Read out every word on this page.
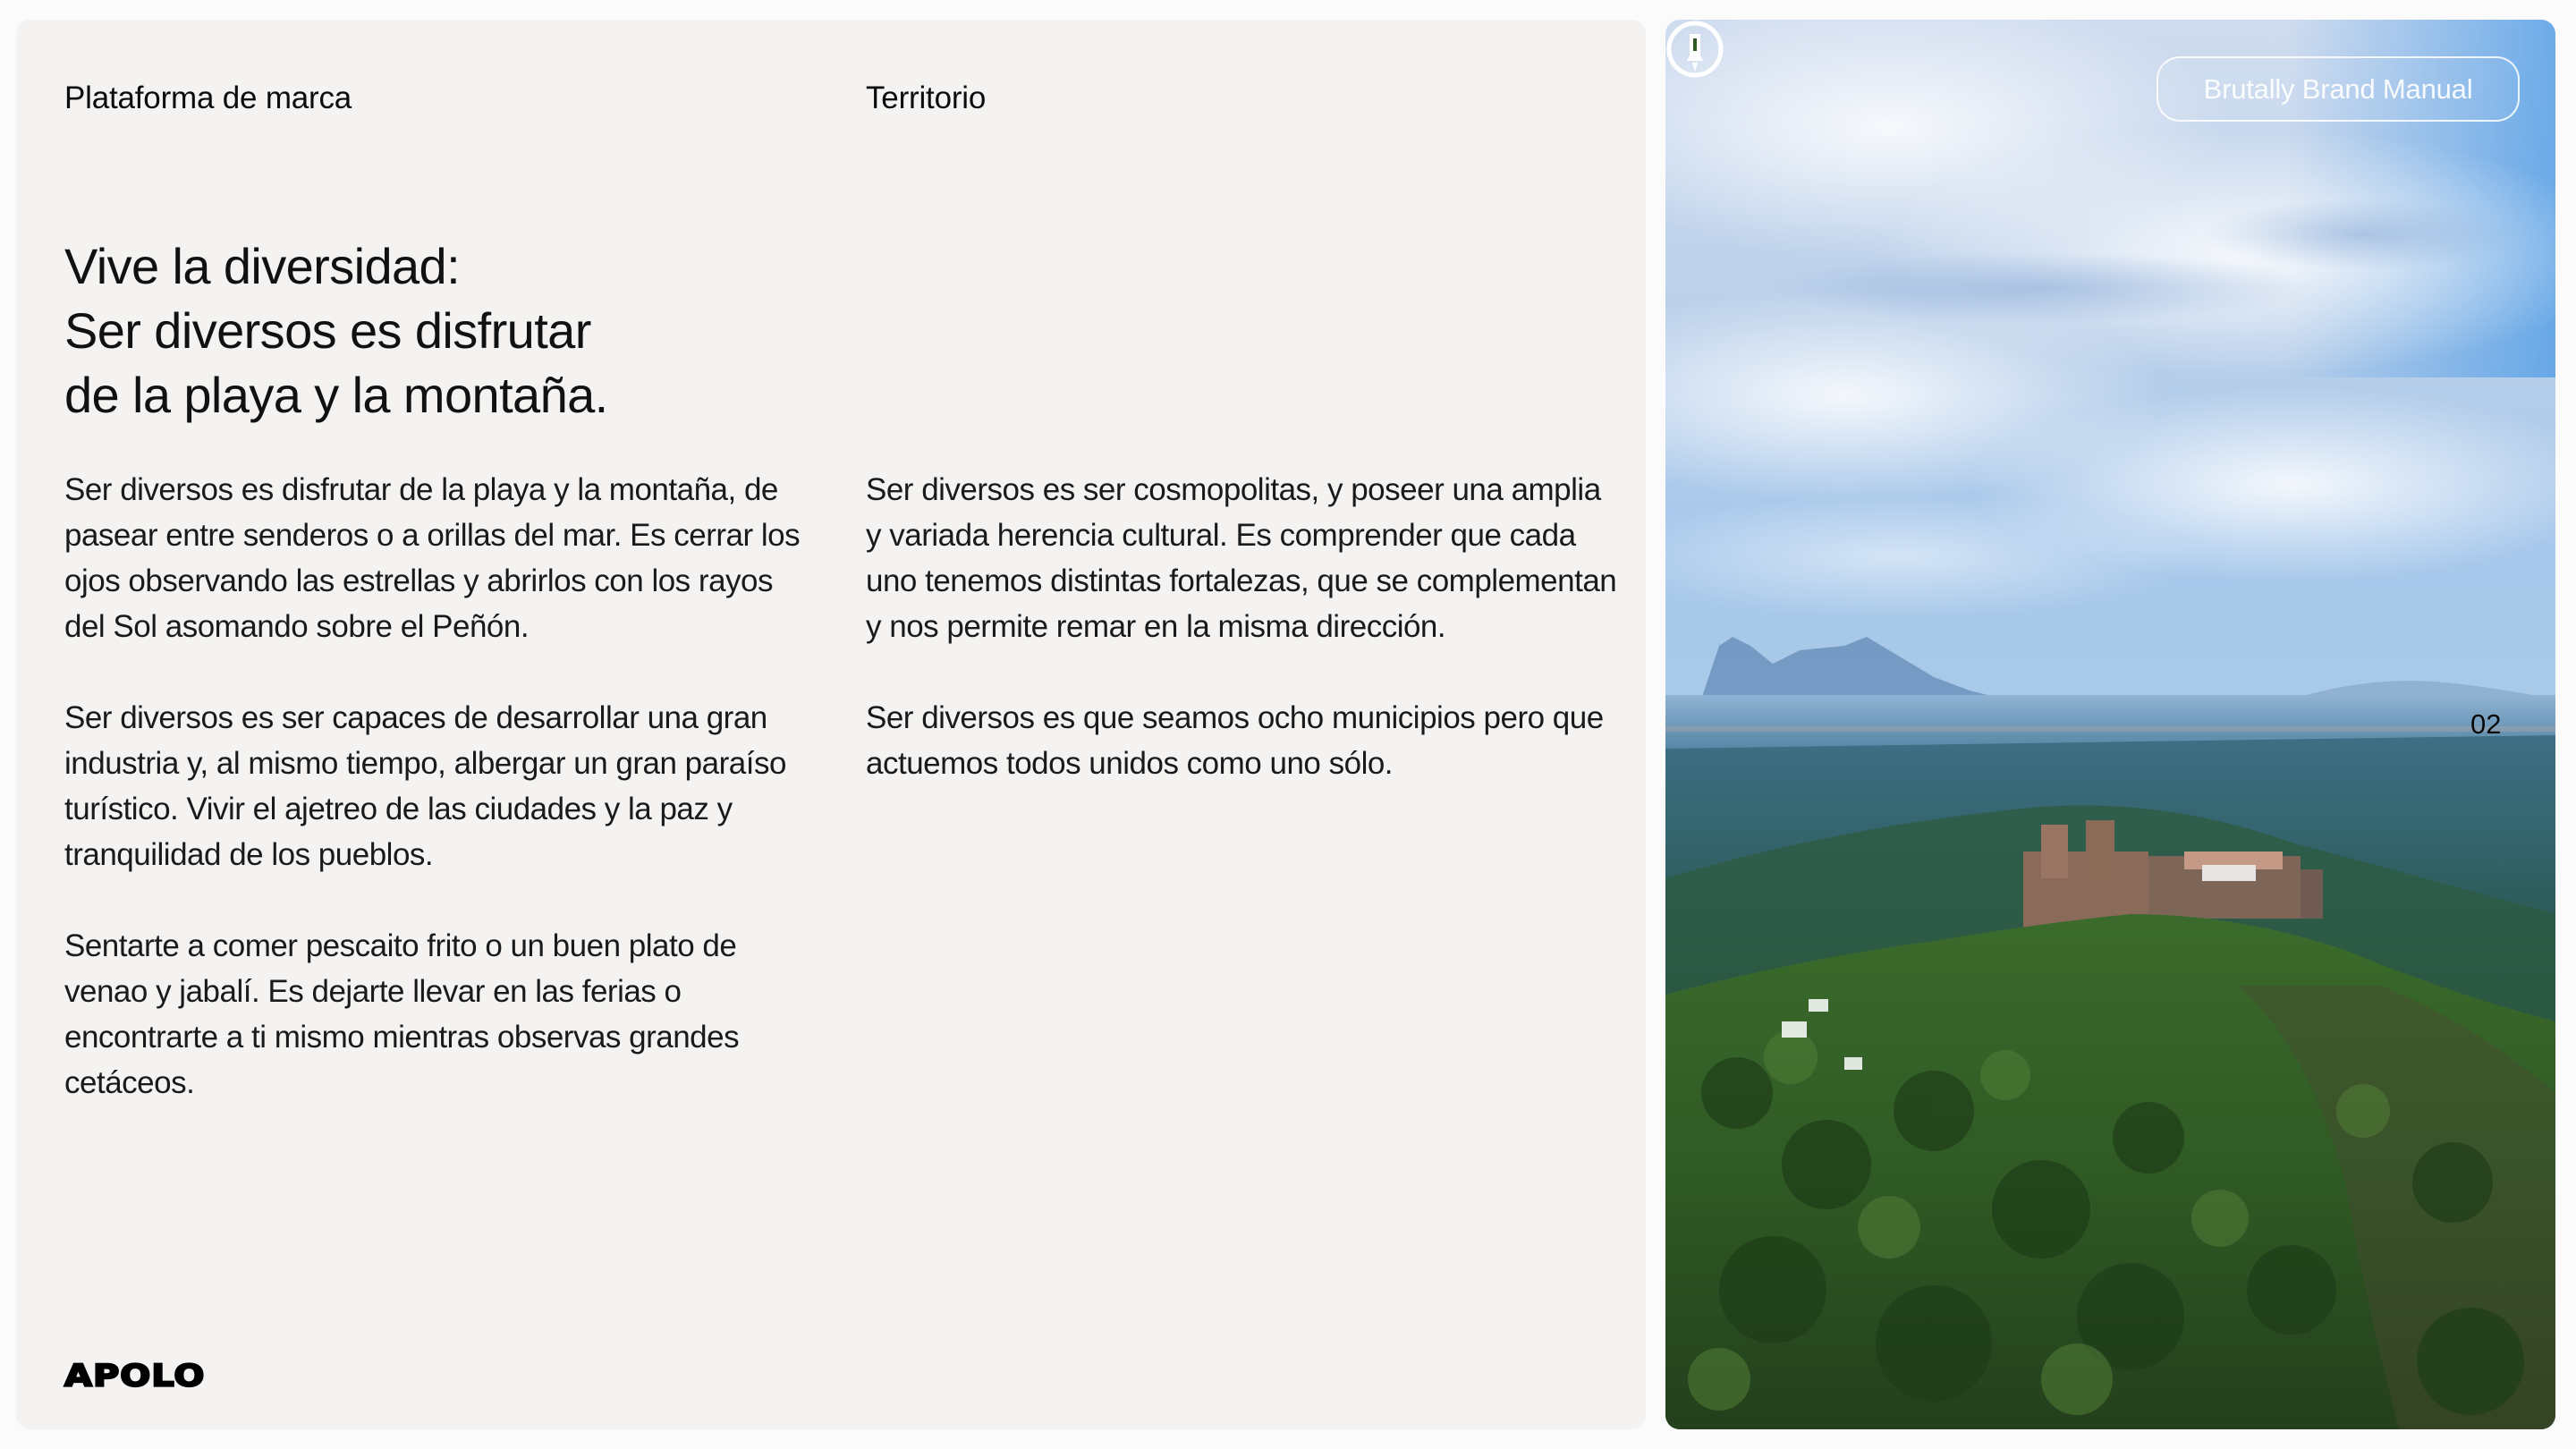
Plataforma de marca	Territorio
Vive la diversidad:
Ser diversos es disfrutar
de la playa y la montaña.

Ser diversos es disfrutar de la playa y la montaña, de pasear entre senderos o a orillas del mar. Es cerrar los ojos observando las estrellas y abrirlos con los rayos del Sol asomando sobre el Peñón.

Ser diversos es ser capaces de desarrollar una gran industria y, al mismo tiempo, albergar un gran paraíso turístico. Vivir el ajetreo de las ciudades y la paz y tranquilidad de los pueblos.

Sentarte a comer pescaito frito o un buen plato de venao y jabalí. Es dejarte llevar en las ferias o encontrarte a ti mismo mientras observas grandes cetáceos.

Ser diversos es ser cosmopolitas, y poseer una amplia y variada herencia cultural. Es comprender que cada uno tenemos distintas fortalezas, que se complementan y nos permite remar en la misma dirección.

Ser diversos es que seamos ocho municipios pero que actuemos todos unidos como uno sólo.

APOLO
Brutally Brand Manual
02
